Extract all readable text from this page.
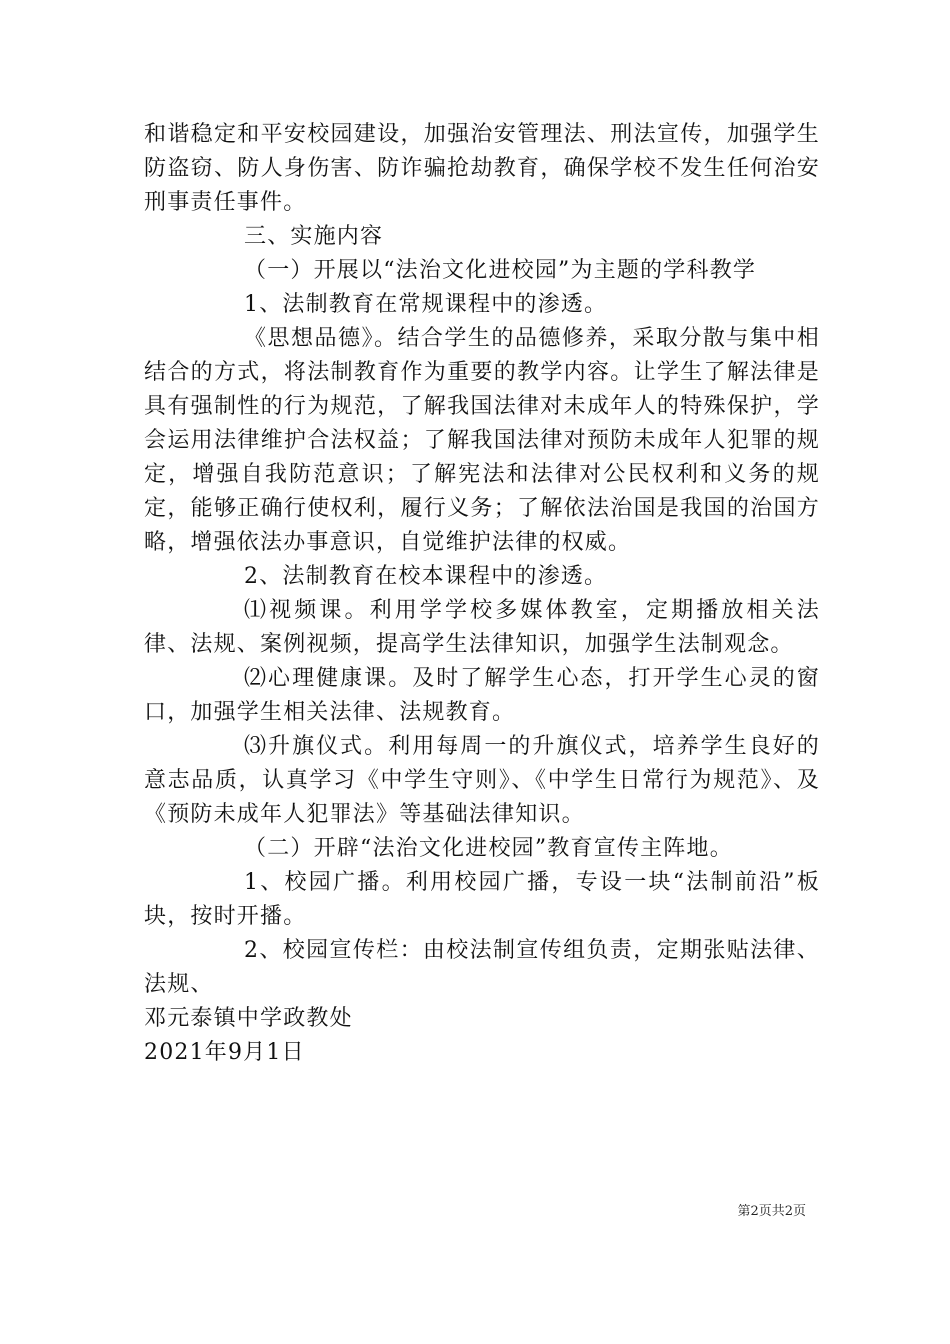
和谐稳定和平安校园建设，加强治安管理法、刑法宣传，加强学生防盗窃、防人身伤害、防诈骗抢劫教育，确保学校不发生任何治安刑事责任事件。

三、实施内容

（一）开展以“法治文化进校园”为主题的学科教学

1、法制教育在常规课程中的渗透。

《思想品德》。结合学生的品德修养，采取分散与集中相结合的方式，将法制教育作为重要的教学内容。让学生了解法律是具有强制性的行为规范，了解我国法律对未成年人的特殊保护，学会运用法律维护合法权益；了解我国法律对预防未成年人犯罪的规定，增强自我防范意识；了解宪法和法律对公民权利和义务的规定，能够正确行使权利，履行义务；了解依法治国是我国的治国方略，增强依法办事意识，自觉维护法律的权威。

2、法制教育在校本课程中的渗透。

⑴视频课。利用学学校多媒体教室，定期播放相关法律、法规、案例视频，提高学生法律知识，加强学生法制观念。

⑵心理健康课。及时了解学生心态，打开学生心灵的窗口，加强学生相关法律、法规教育。

⑶升旗仪式。利用每周一的升旗仪式，培养学生良好的意志品质，认真学习《中学生守则》、《中学生日常行为规范》、及《预防未成年人犯罪法》等基础法律知识。

（二）开辟“法治文化进校园”教育宣传主阵地。

1、校园广播。利用校园广播，专设一块“法制前沿”板块，按时开播。

2、校园宣传栏：由校法制宣传组负责，定期张贴法律、法规、

邓元泰镇中学政教处

2021年9月1日

第2页共2页
